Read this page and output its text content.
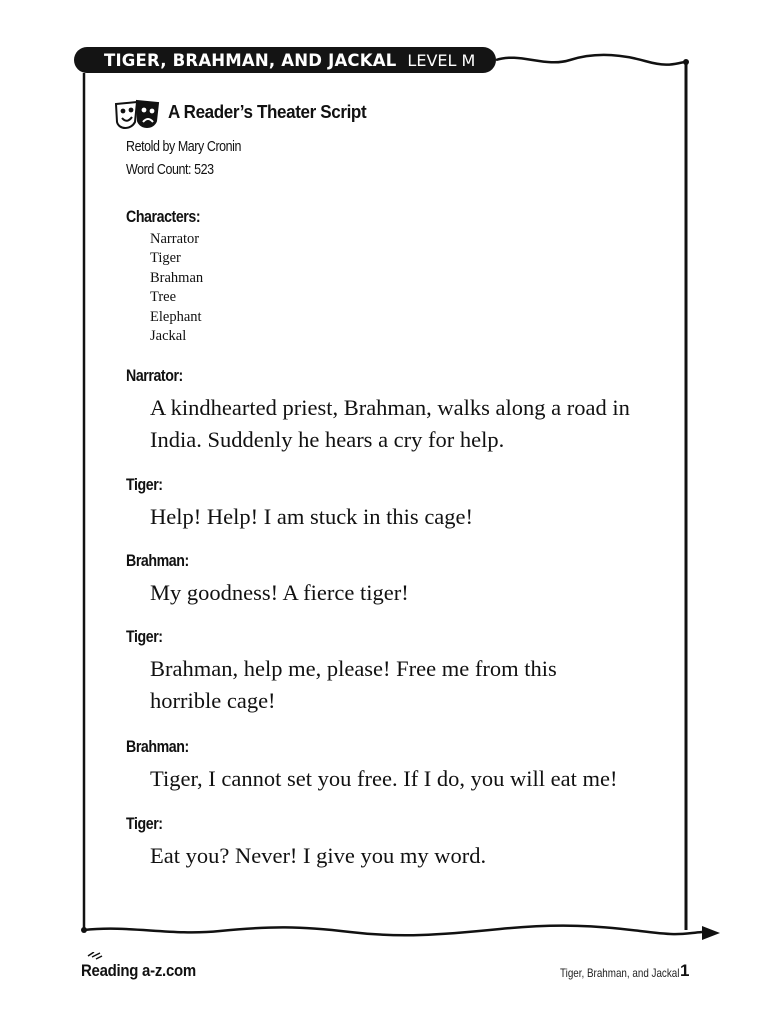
TIGER, BRAHMAN, AND JACKAL LEVEL M
A Reader’s Theater Script
Retold by Mary Cronin
Word Count: 523
Characters:
Narrator
Tiger
Brahman
Tree
Elephant
Jackal
Narrator:
A kindhearted priest, Brahman, walks along a road in India. Suddenly he hears a cry for help.
Tiger:
Help! Help! I am stuck in this cage!
Brahman:
My goodness! A fierce tiger!
Tiger:
Brahman, help me, please! Free me from this horrible cage!
Brahman:
Tiger, I cannot set you free. If I do, you will eat me!
Tiger:
Eat you? Never! I give you my word.
Reading a-z.com	Tiger, Brahman, and Jackal 1
